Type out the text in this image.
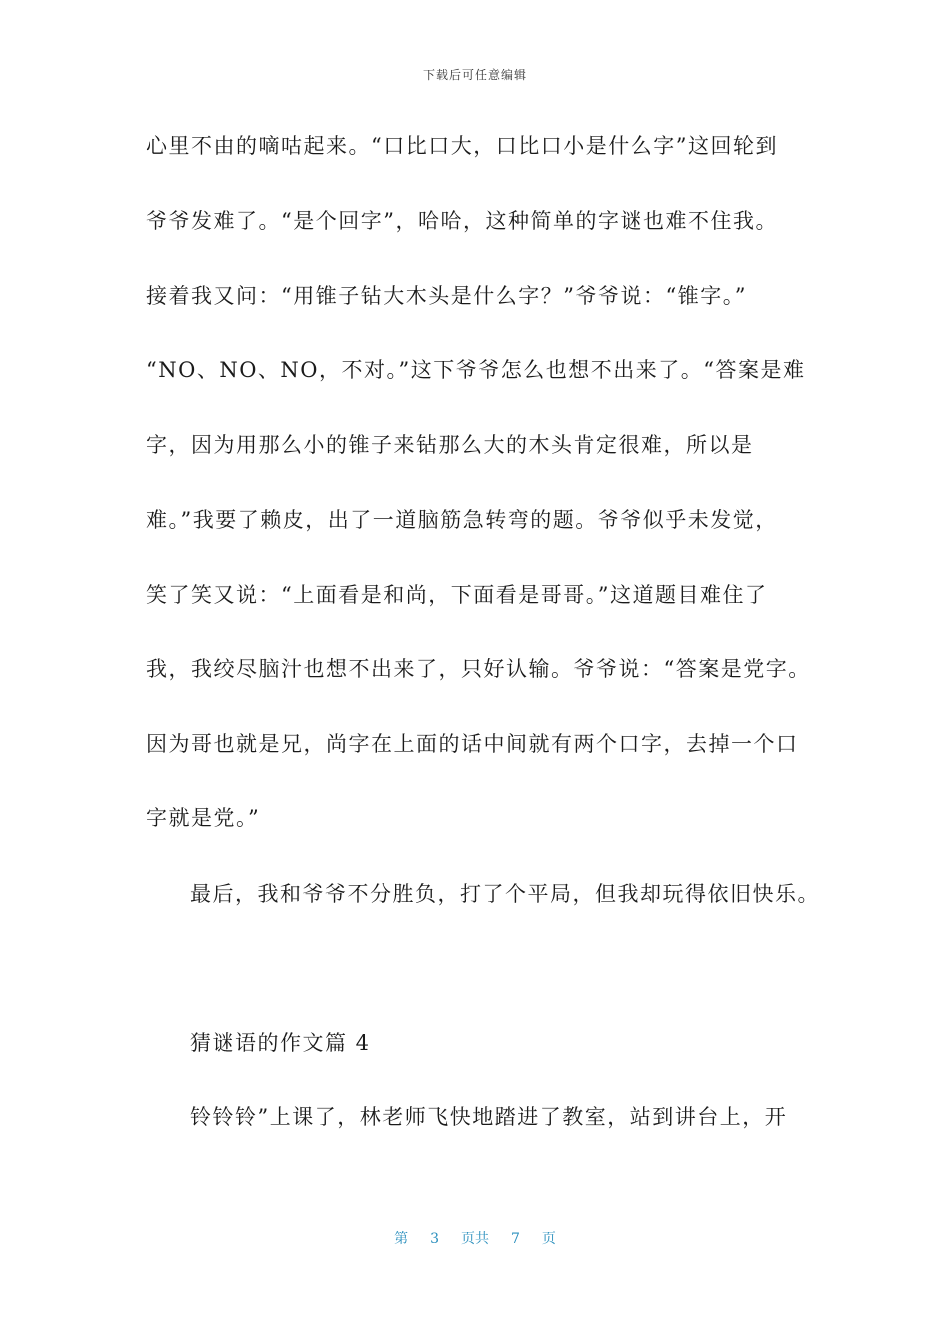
下载后可任意编辑
心里不由的嘀咕起来。“口比口大，口比口小是什么字”这回轮到
爷爷发难了。“是个回字”，哈哈，这种简单的字谜也难不住我。
接着我又问：“用锥子钻大木头是什么字？”爷爷说：“锥字。”
“NO、NO、NO，不对。”这下爷爷怎么也想不出来了。“答案是难
字，因为用那么小的锥子来钻那么大的木头肯定很难，所以是
难。”我要了赖皮，出了一道脑筋急转弯的题。爷爷似乎未发觉，
笑了笑又说：“上面看是和尚，下面看是哥哥。”这道题目难住了
我，我绞尽脑汁也想不出来了，只好认输。爷爷说：“答案是党字。
因为哥也就是兄，尚字在上面的话中间就有两个口字，去掉一个口
字就是党。”
最后，我和爷爷不分胜负，打了个平局，但我却玩得依旧快乐。
猜谜语的作文篇 4
铃铃铃”上课了，林老师飞快地踏进了教室，站到讲台上，开
第 3 页共 7 页
